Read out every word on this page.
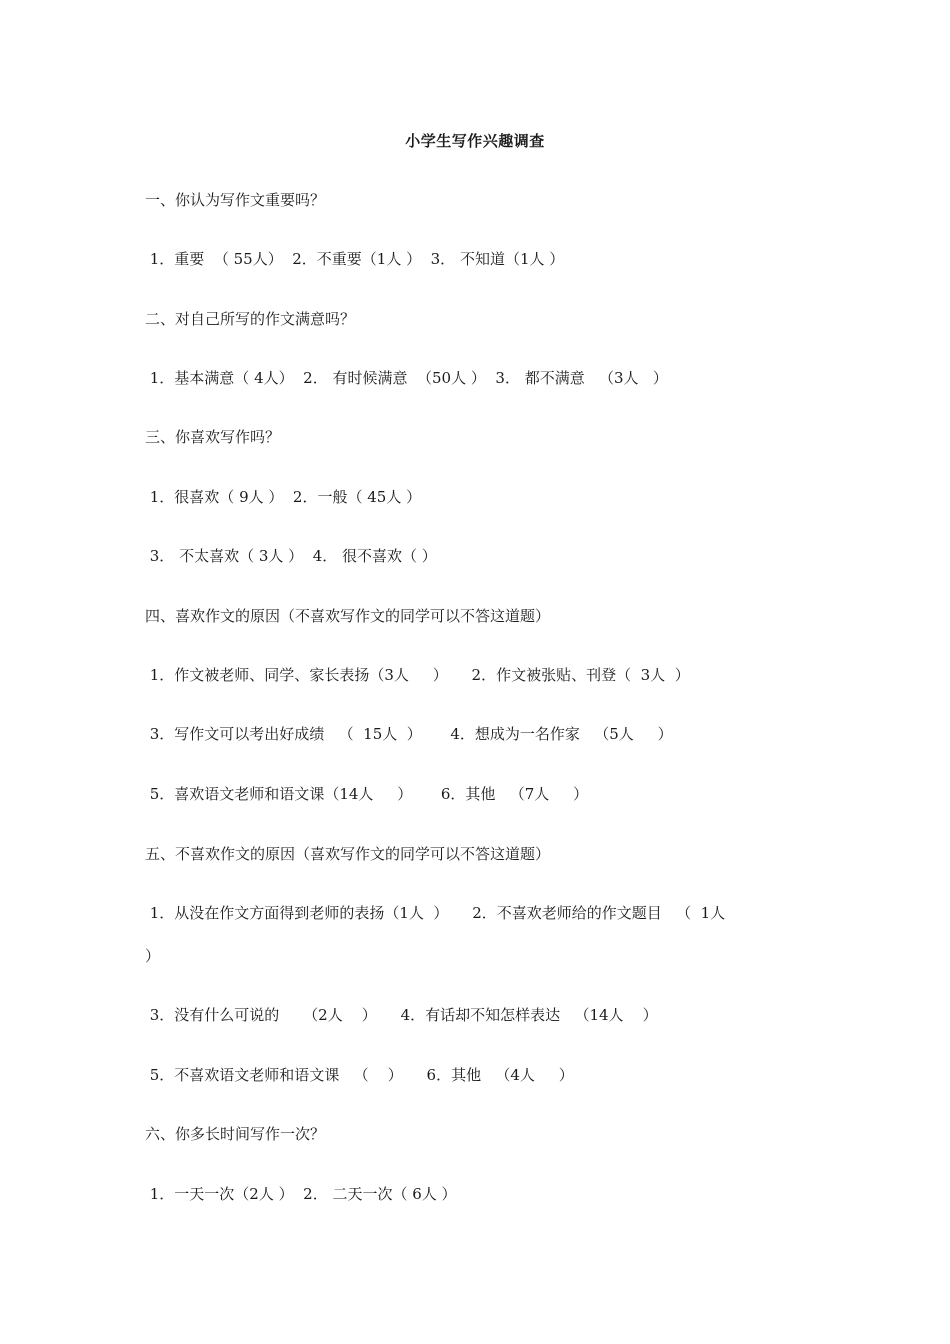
小学生写作兴趣调查
一、你认为写作文重要吗？
1．重要  （ 55人）  2．不重要（1人 ）  3． 不知道（1人 ）
二、对自己所写的作文满意吗？
1．基本满意（ 4人）  2． 有时候满意  （50人 ）  3． 都不满意   （3人   ）
三、你喜欢写作吗？
1．很喜欢（ 9人 ）  2．一般（ 45人 ）
3． 不太喜欢（ 3人 ）  4． 很不喜欢（ ）
四、喜欢作文的原因（不喜欢写作文的同学可以不答这道题）
1．作文被老师、同学、家长表扬（3人     ）     2．作文被张贴、刊登（  3人  ）
3．写作文可以考出好成绩   （  15人  ）      4．想成为一名作家   （5人     ）
5．喜欢语文老师和语文课（14人     ）      6．其他   （7人     ）
五、不喜欢作文的原因（喜欢写作文的同学可以不答这道题）
1．从没在作文方面得到老师的表扬（1人  ）     2．不喜欢老师给的作文题目   （  1人
）
3．没有什么可说的     （2人    ）     4．有话却不知怎样表达   （14人    ）
5．不喜欢语文老师和语文课   （    ）     6．其他   （4人     ）
六、你多长时间写作一次？
1．一天一次（2人 ）  2． 二天一次（ 6人 ）
